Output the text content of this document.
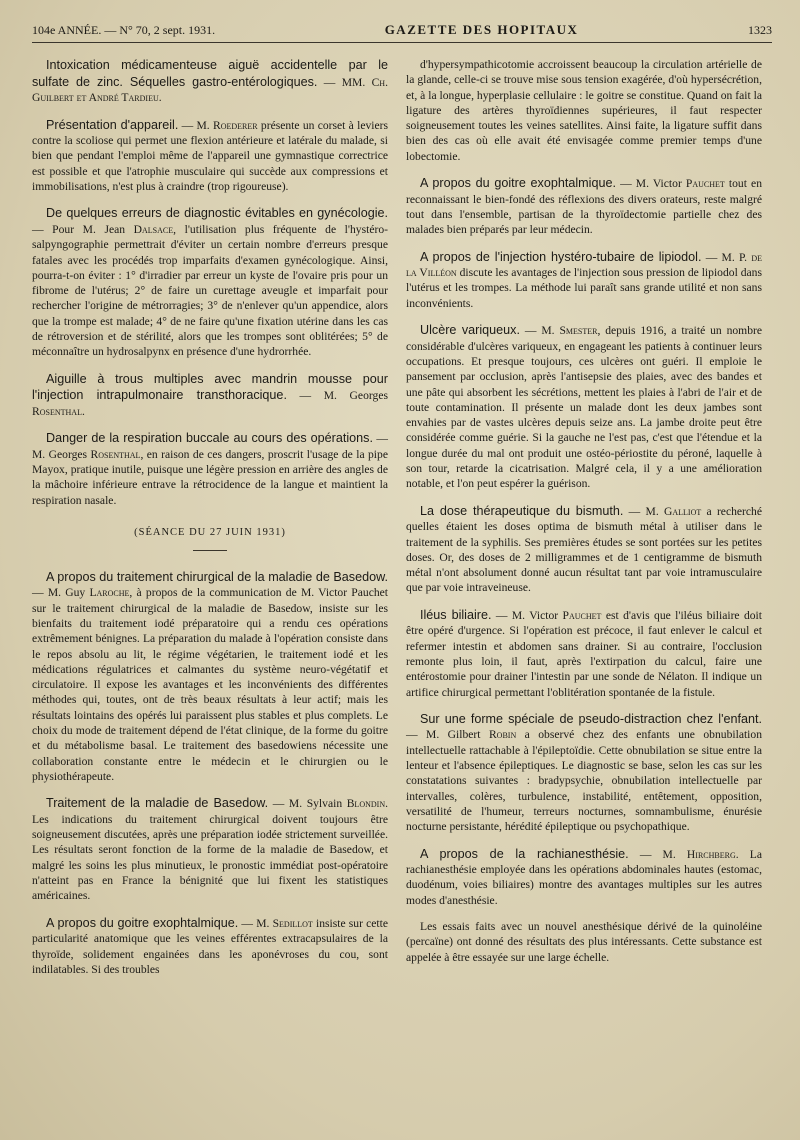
104e ANNÉE. — N° 70, 2 sept. 1931.	GAZETTE DES HOPITAUX	1323

Intoxication médicamenteuse aiguë accidentelle par le sulfate de zinc. Séquelles gastro-entérologiques. — MM. Ch. Guilbert et André Tardieu.

Présentation d'appareil. — M. Roederer présente un corset à leviers contre la scoliose qui permet une flexion antérieure et latérale du malade, si bien que pendant l'emploi même de l'appareil une gymnastique correctrice est possible et que l'atrophie musculaire qui succède aux compressions et immobilisations, n'est plus à craindre (trop rigoureuse).

De quelques erreurs de diagnostic évitables en gynécologie. — Pour M. Jean Dalsace, l'utilisation plus fréquente de l'hystéro-salpyngographie permettrait d'éviter un certain nombre d'erreurs presque fatales avec les procédés trop imparfaits d'examen gynécologique. Ainsi, pourra-t-on éviter : 1° d'irradier par erreur un kyste de l'ovaire pris pour un fibrome de l'utérus; 2° de faire un curettage aveugle et imparfait pour rechercher l'origine de métrorragies; 3° de n'enlever qu'un appendice, alors que la trompe est malade; 4° de ne faire qu'une fixation utérine dans les cas de rétroversion et de stérilité, alors que les trompes sont oblitérées; 5° de méconnaître un hydrosalpynx en présence d'une hydrorrhée.

Aiguille à trous multiples avec mandrin mousse pour l'injection intrapulmonaire transthoracique. — M. Georges Rosenthal.

Danger de la respiration buccale au cours des opérations. — M. Georges Rosenthal, en raison de ces dangers, proscrit l'usage de la pipe Mayox, pratique inutile, puisque une légère pression en arrière des angles de la mâchoire inférieure entrave la rétrocidence de la langue et maintient la respiration nasale.

(SÉANCE DU 27 JUIN 1931)

A propos du traitement chirurgical de la maladie de Basedow. — M. Guy Laroche, à propos de la communication de M. Victor Pauchet sur le traitement chirurgical de la maladie de Basedow, insiste sur les bienfaits du traitement iodé préparatoire qui a rendu ces opérations extrêmement bénignes. La préparation du malade à l'opération consiste dans le repos absolu au lit, le régime végétarien, le traitement iodé et les médications régulatrices et calmantes du système neuro-végétatif et circulatoire. Il expose les avantages et les inconvénients des différentes méthodes qui, toutes, ont de très beaux résultats à leur actif; mais les résultats lointains des opérés lui paraissent plus stables et plus complets. Le choix du mode de traitement dépend de l'état clinique, de la forme du goitre et du métabolisme basal. Le traitement des basedowiens nécessite une collaboration constante entre le médecin et le chirurgien ou le physiothérapeute.

Traitement de la maladie de Basedow. — M. Sylvain Blondin. Les indications du traitement chirurgical doivent toujours être soigneusement discutées, après une préparation iodée strictement surveillée. Les résultats seront fonction de la forme de la maladie de Basedow, et malgré les soins les plus minutieux, le pronostic immédiat post-opératoire n'atteint pas en France la bénignité que lui fixent les statistiques américaines.

A propos du goitre exophtalmique. — M. Sedillot insiste sur cette particularité anatomique que les veines efférentes extracapsulaires de la thyroïde, solidement engainées dans les aponévroses du cou, sont indilatables. Si des troubles

d'hypersympathicotomie accroissent beaucoup la circulation artérielle de la glande, celle-ci se trouve mise sous tension exagérée, d'où hypersécrétion, et, à la longue, hyperplasie cellulaire : le goitre se constitue. Quand on fait la ligature des artères thyroïdiennes supérieures, il faut respecter soigneusement toutes les veines satellites. Ainsi faite, la ligature suffit dans bien des cas où elle avait été envisagée comme premier temps d'une lobectomie.

A propos du goitre exophtalmique. — M. Victor Pauchet tout en reconnaissant le bien-fondé des réflexions des divers orateurs, reste malgré tout dans l'ensemble, partisan de la thyroïdectomie partielle chez des malades bien préparés par leur médecin.

A propos de l'injection hystéro-tubaire de lipiodol. — M. P. de la Villéon discute les avantages de l'injection sous pression de lipiodol dans l'utérus et les trompes. La méthode lui paraît sans grande utilité et non sans inconvénients.

Ulcère variqueux. — M. Smester, depuis 1916, a traité un nombre considérable d'ulcères variqueux, en engageant les patients à continuer leurs occupations. Et presque toujours, ces ulcères ont guéri. Il emploie le pansement par occlusion, après l'antisepsie des plaies, avec des bandes et une pâte qui absorbent les sécrétions, mettent les plaies à l'abri de l'air et de toute contamination. Il présente un malade dont les deux jambes sont envahies par de vastes ulcères depuis seize ans. La jambe droite peut être considérée comme guérie. Si la gauche ne l'est pas, c'est que l'étendue et la longue durée du mal ont produit une ostéo-périostite du péroné, laquelle à son tour, retarde la cicatrisation. Malgré cela, il y a une amélioration notable, et l'on peut espérer la guérison.

La dose thérapeutique du bismuth. — M. Galliot a recherché quelles étaient les doses optima de bismuth métal à utiliser dans le traitement de la syphilis. Ses premières études se sont portées sur les petites doses. Or, des doses de 2 milligrammes et de 1 centigramme de bismuth métal n'ont absolument donné aucun résultat tant par voie intramusculaire que par voie intraveineuse.

Iléus biliaire. — M. Victor Pauchet est d'avis que l'iléus biliaire doit être opéré d'urgence. Si l'opération est précoce, il faut enlever le calcul et refermer intestin et abdomen sans drainer. Si au contraire, l'occlusion remonte plus loin, il faut, après l'extirpation du calcul, faire une entérostomie pour drainer l'intestin par une sonde de Nélaton. Il indique un artifice chirurgical permettant l'oblitération spontanée de la fistule.

Sur une forme spéciale de pseudo-distraction chez l'enfant. — M. Gilbert Robin a observé chez des enfants une obnubilation intellectuelle rattachable à l'épileptoïdie. Cette obnubilation se situe entre la lenteur et l'absence épileptiques. Le diagnostic se base, selon les cas sur les constatations suivantes : bradypsychie, obnubilation intellectuelle par intervalles, colères, turbulence, instabilité, entêtement, opposition, versatilité de l'humeur, terreurs nocturnes, somnambulisme, énurésie nocturne persistante, hérédité épileptique ou psychopathique.

A propos de la rachianesthésie. — M. Hirchberg. La rachianesthésie employée dans les opérations abdominales hautes (estomac, duodénum, voies biliaires) montre des avantages multiples sur les autres modes d'anesthésie.

Les essais faits avec un nouvel anesthésique dérivé de la quinoléine (percaïne) ont donné des résultats des plus intéressants. Cette substance est appelée à être essayée sur une large échelle.
